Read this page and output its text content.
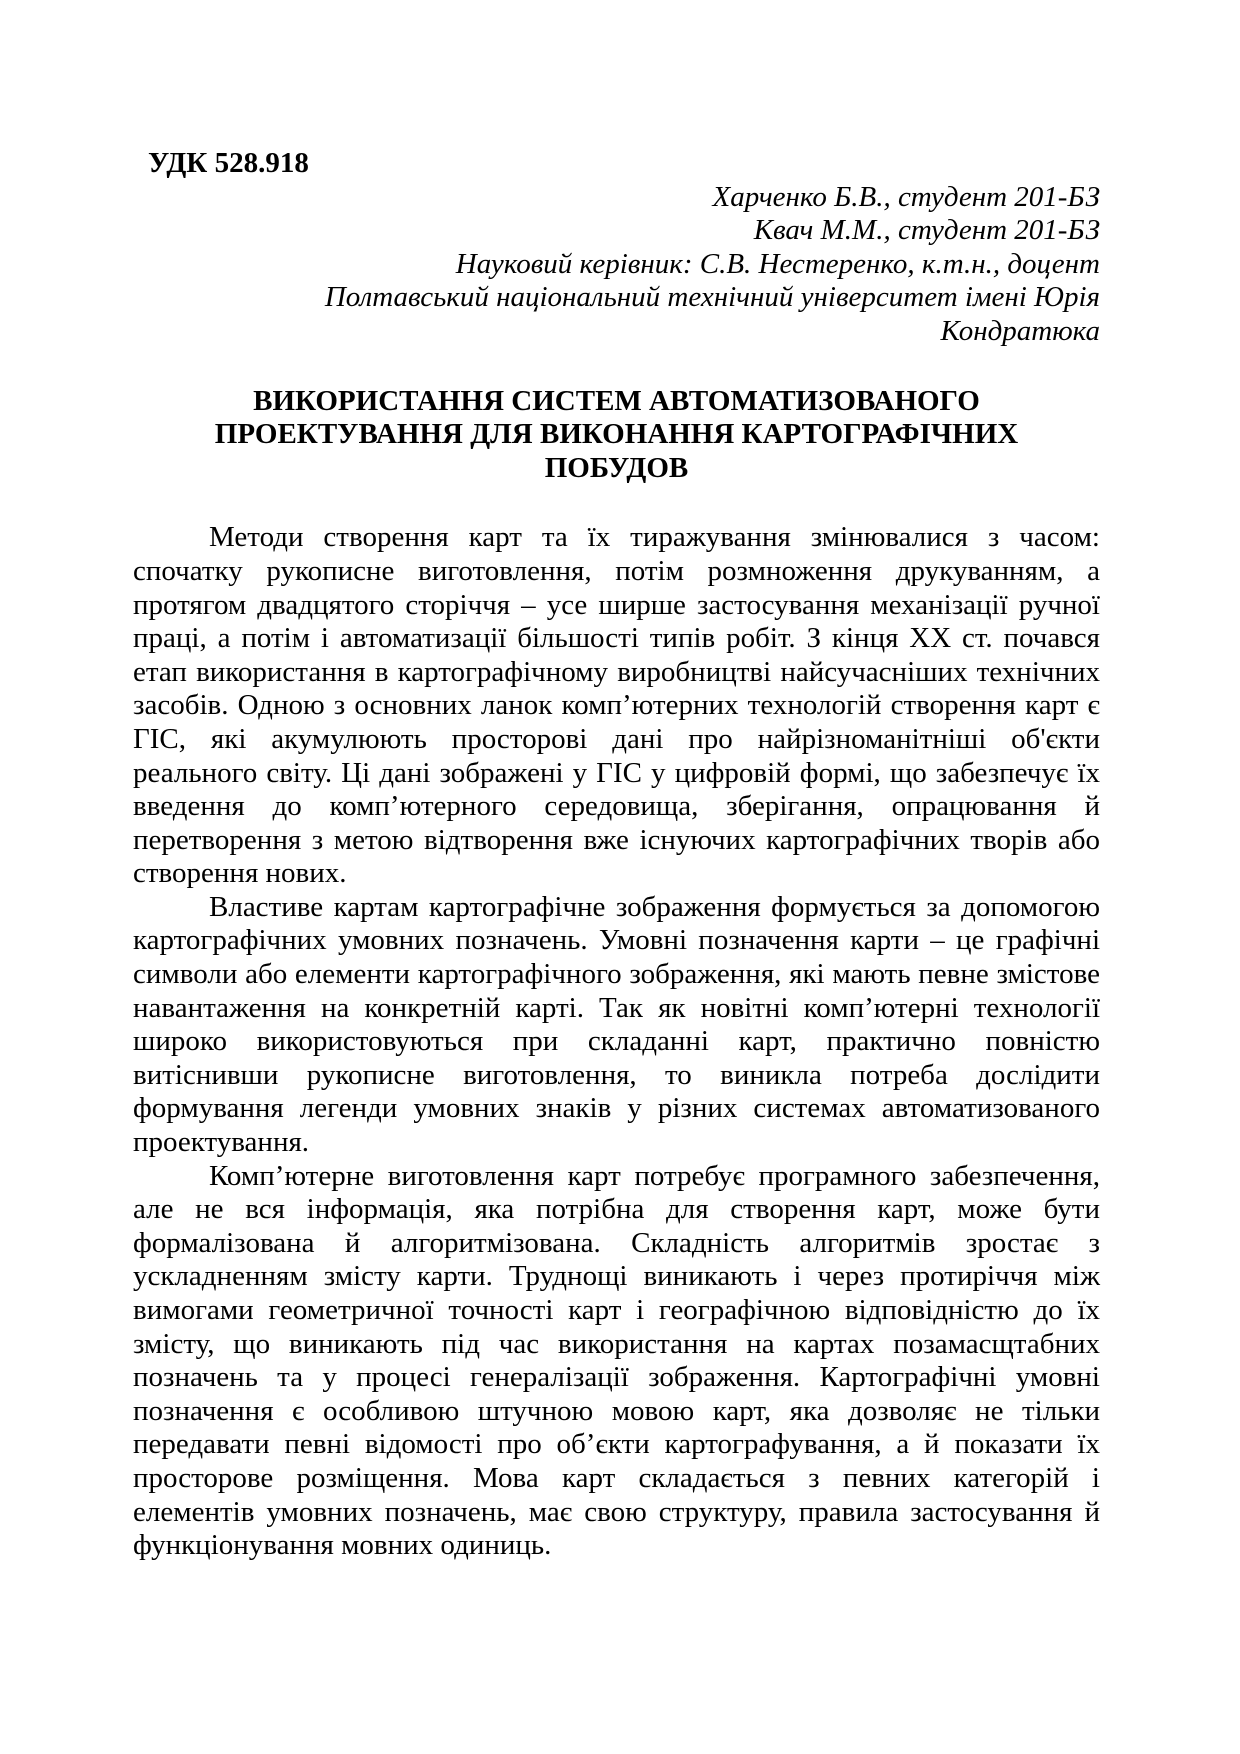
УДК 528.918

Харченко Б.В., студент 201-БЗ
Квач М.М., студент 201-БЗ
Науковий керівник: С.В. Нестеренко, к.т.н., доцент
Полтавський національний технічний університет імені Юрія
Кондратюка
ВИКОРИСТАННЯ СИСТЕМ АВТОМАТИЗОВАНОГО
ПРОЕКТУВАННЯ ДЛЯ ВИКОНАННЯ КАРТОГРАФІЧНИХ
ПОБУДОВ

Методи створення карт та їх тиражування змінювалися з часом: спочатку рукописне виготовлення, потім розмноження друкуванням, а протягом двадцятого сторіччя – усе ширше застосування механізації ручної праці, а потім і автоматизації більшості типів робіт. З кінця ХХ ст. почався етап використання в картографічному виробництві найсучасніших технічних засобів. Одною з основних ланок комп’ютерних технологій створення карт є ГІС, які акумулюють просторові дані про найрізноманітніші об'єкти реального світу. Ці дані зображені у ГІС у цифровій формі, що забезпечує їх введення до комп’ютерного середовища, зберігання, опрацювання й перетворення з метою відтворення вже існуючих картографічних творів або створення нових.

Властиве картам картографічне зображення формується за допомогою картографічних умовних позначень. Умовні позначення карти – це графічні символи або елементи картографічного зображення, які мають певне змістове навантаження на конкретній карті. Так як новітні комп’ютерні технології широко використовуються при складанні карт, практично повністю витіснивши рукописне виготовлення, то виникла потреба дослідити формування легенди умовних знаків у різних системах автоматизованого проектування.

Комп’ютерне виготовлення карт потребує програмного забезпечення, але не вся інформація, яка потрібна для створення карт, може бути формалізована й алгоритмізована. Складність алгоритмів зростає з ускладненням змісту карти. Труднощі виникають і через протиріччя між вимогами геометричної точності карт і географічною відповідністю до їх змісту, що виникають під час використання на картах позамасщтабних позначень та у процесі генералізації зображення. Картографічні умовні позначення є особливою штучною мовою карт, яка дозволяє не тільки передавати певні відомості про об’єкти картографування, а й показати їх просторове розміщення. Мова карт складається з певних категорій і елементів умовних позначень, має свою структуру, правила застосування й функціонування мовних одиниць.
